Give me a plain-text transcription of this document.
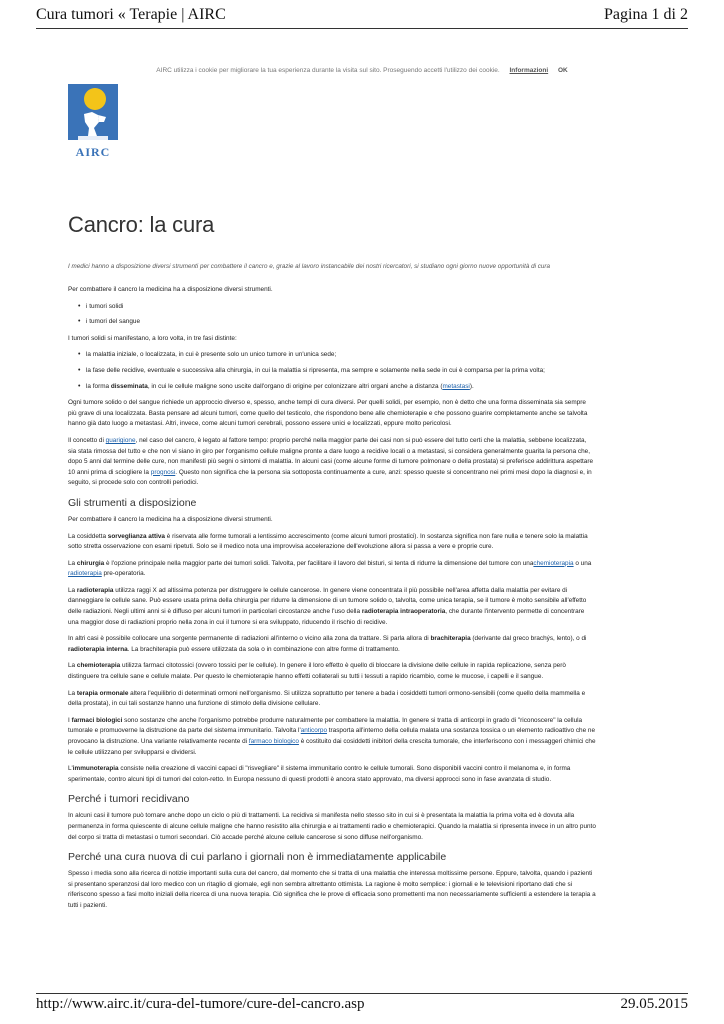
Cura tumori « Terapie | AIRC	Pagina 1 di 2
AIRC utilizza i cookie per migliorare la tua esperienza durante la visita sul sito. Proseguendo accetti l'utilizzo dei cookie. Informazioni OK
AIRC
Cancro: la cura

I medici hanno a disposizione diversi strumenti per combattere il cancro e, grazie al lavoro instancabile dei nostri ricercatori, si studiano ogni giorno nuove opportunità di cura

Per combattere il cancro la medicina ha a disposizione diversi strumenti.

• i tumori solidi
• i tumori del sangue

I tumori solidi si manifestano, a loro volta, in tre fasi distinte:

• la malattia iniziale, o localizzata, in cui è presente solo un unico tumore in un'unica sede;
• la fase delle recidive, eventuale e successiva alla chirurgia, in cui la malattia si ripresenta, ma sempre e solamente nella sede in cui è comparsa per la prima volta;
• la forma disseminata, in cui le cellule maligne sono uscite dall'organo di origine per colonizzare altri organi anche a distanza (metastasi).

Ogni tumore solido o del sangue richiede un approccio diverso e, spesso, anche tempi di cura diversi. Per quelli solidi, per esempio, non è detto che una forma disseminata sia sempre più grave di una localizzata. Basta pensare ad alcuni tumori, come quello del testicolo, che rispondono bene alle chemioterapie e che possono guarire completamente anche se talvolta hanno già dato luogo a metastasi. Altri, invece, come alcuni tumori cerebrali, possono essere unici e localizzati, eppure molto pericolosi.

Il concetto di guarigione, nel caso del cancro, è legato al fattore tempo: proprio perché nella maggior parte dei casi non si può essere del tutto certi che la malattia, sebbene localizzata, sia stata rimossa del tutto e che non vi siano in giro per l'organismo cellule maligne pronte a dare luogo a recidive locali o a metastasi, si considera generalmente guarita la persona che, dopo 5 anni dal termine delle cure, non manifesti più segni o sintomi di malattia. In alcuni casi (come alcune forme di tumore polmonare o della prostata) si preferisce addirittura aspettare 10 anni prima di sciogliere la prognosi. Questo non significa che la persona sia sottoposta continuamente a cure, anzi: spesso queste si concentrano nei primi mesi dopo la diagnosi e, in seguito, si procede solo con controlli periodici.

Gli strumenti a disposizione

Per combattere il cancro la medicina ha a disposizione diversi strumenti.

La cosiddetta sorveglianza attiva è riservata alle forme tumorali a lentissimo accrescimento (come alcuni tumori prostatici). In sostanza significa non fare nulla e tenere solo la malattia sotto stretta osservazione con esami ripetuti. Solo se il medico nota una improvvisa accelerazione dell'evoluzione allora si passa a vere e proprie cure.

La chirurgia è l'opzione principale nella maggior parte dei tumori solidi. Talvolta, per facilitare il lavoro del bisturi, si tenta di ridurre la dimensione del tumore con unachemioterapia o una radioterapia pre-operatoria.

La radioterapia utilizza raggi X ad altissima potenza per distruggere le cellule cancerose. In genere viene concentrata il più possibile nell'area affetta dalla malattia per evitare di danneggiare le cellule sane. Può essere usata prima della chirurgia per ridurre la dimensione di un tumore solido o, talvolta, come unica terapia, se il tumore è molto sensibile all'effetto delle radiazioni. Negli ultimi anni si è diffuso per alcuni tumori in particolari circostanze anche l'uso della radioterapia intraoperatoria, che durante l'intervento permette di concentrare una maggior dose di radiazioni proprio nella zona in cui il tumore si era sviluppato, riducendo il rischio di recidive.

In altri casi è possibile collocare una sorgente permanente di radiazioni all'interno o vicino alla zona da trattare. Si parla allora di brachiterapia (derivante dal greco brachýs, lento), o di radioterapia interna. La brachiterapia può essere utilizzata da sola o in combinazione con altre forme di trattamento.

La chemioterapia utilizza farmaci citotossici (ovvero tossici per le cellule). In genere il loro effetto è quello di bloccare la divisione delle cellule in rapida replicazione, senza però distinguere tra cellule sane e cellule malate. Per questo le chemioterapie hanno effetti collaterali su tutti i tessuti a rapido ricambio, come le mucose, i capelli e il sangue.

La terapia ormonale altera l'equilibrio di determinati ormoni nell'organismo. Si utilizza soprattutto per tenere a bada i cosiddetti tumori ormono-sensibili (come quello della mammella e della prostata), in cui tali sostanze hanno una funzione di stimolo della divisione cellulare.

I farmaci biologici sono sostanze che anche l'organismo potrebbe produrre naturalmente per combattere la malattia. In genere si tratta di anticorpi in grado di "riconoscere" la cellula tumorale e promuoverne la distruzione da parte del sistema immunitario. Talvolta l'anticorpo trasporta all'interno della cellula malata una sostanza tossica o un elemento radioattivo che ne provocano la distruzione. Una variante relativamente recente di farmaco biologico è costituito dai cosiddetti inibitori della crescita tumorale, che interferiscono con i messaggeri chimici che le cellule utilizzano per svilupparsi e dividersi.

L'immunoterapia consiste nella creazione di vaccini capaci di "risvegliare" il sistema immunitario contro le cellule tumorali. Sono disponibili vaccini contro il melanoma e, in forma sperimentale, contro alcuni tipi di tumori del colon-retto. In Europa nessuno di questi prodotti è ancora stato approvato, ma diversi approcci sono in fase avanzata di studio.

Perché i tumori recidivano

In alcuni casi il tumore può tornare anche dopo un ciclo o più di trattamenti. La recidiva si manifesta nello stesso sito in cui si è presentata la malattia la prima volta ed è dovuta alla permanenza in forma quiescente di alcune cellule maligne che hanno resistito alla chirurgia e ai trattamenti radio e chemioterapici. Quando la malattia si ripresenta invece in un altro punto del corpo si tratta di metastasi o tumori secondari. Ciò accade perché alcune cellule cancerose si sono diffuse nell'organismo.

Perché una cura nuova di cui parlano i giornali non è immediatamente applicabile

Spesso i media sono alla ricerca di notizie importanti sulla cura del cancro, dal momento che si tratta di una malattia che interessa moltissime persone. Eppure, talvolta, quando i pazienti si presentano speranzosi dal loro medico con un ritaglio di giornale, egli non sembra altrettanto ottimista. La ragione è molto semplice: i giornali e le televisioni riportano dati che si riferiscono spesso a fasi molto iniziali della ricerca di una nuova terapia. Ciò significa che le prove di efficacia sono promettenti ma non necessariamente sufficienti a estendere la terapia a tutti i pazienti.

http://www.airc.it/cura-del-tumore/cure-del-cancro.asp	29.05.2015
